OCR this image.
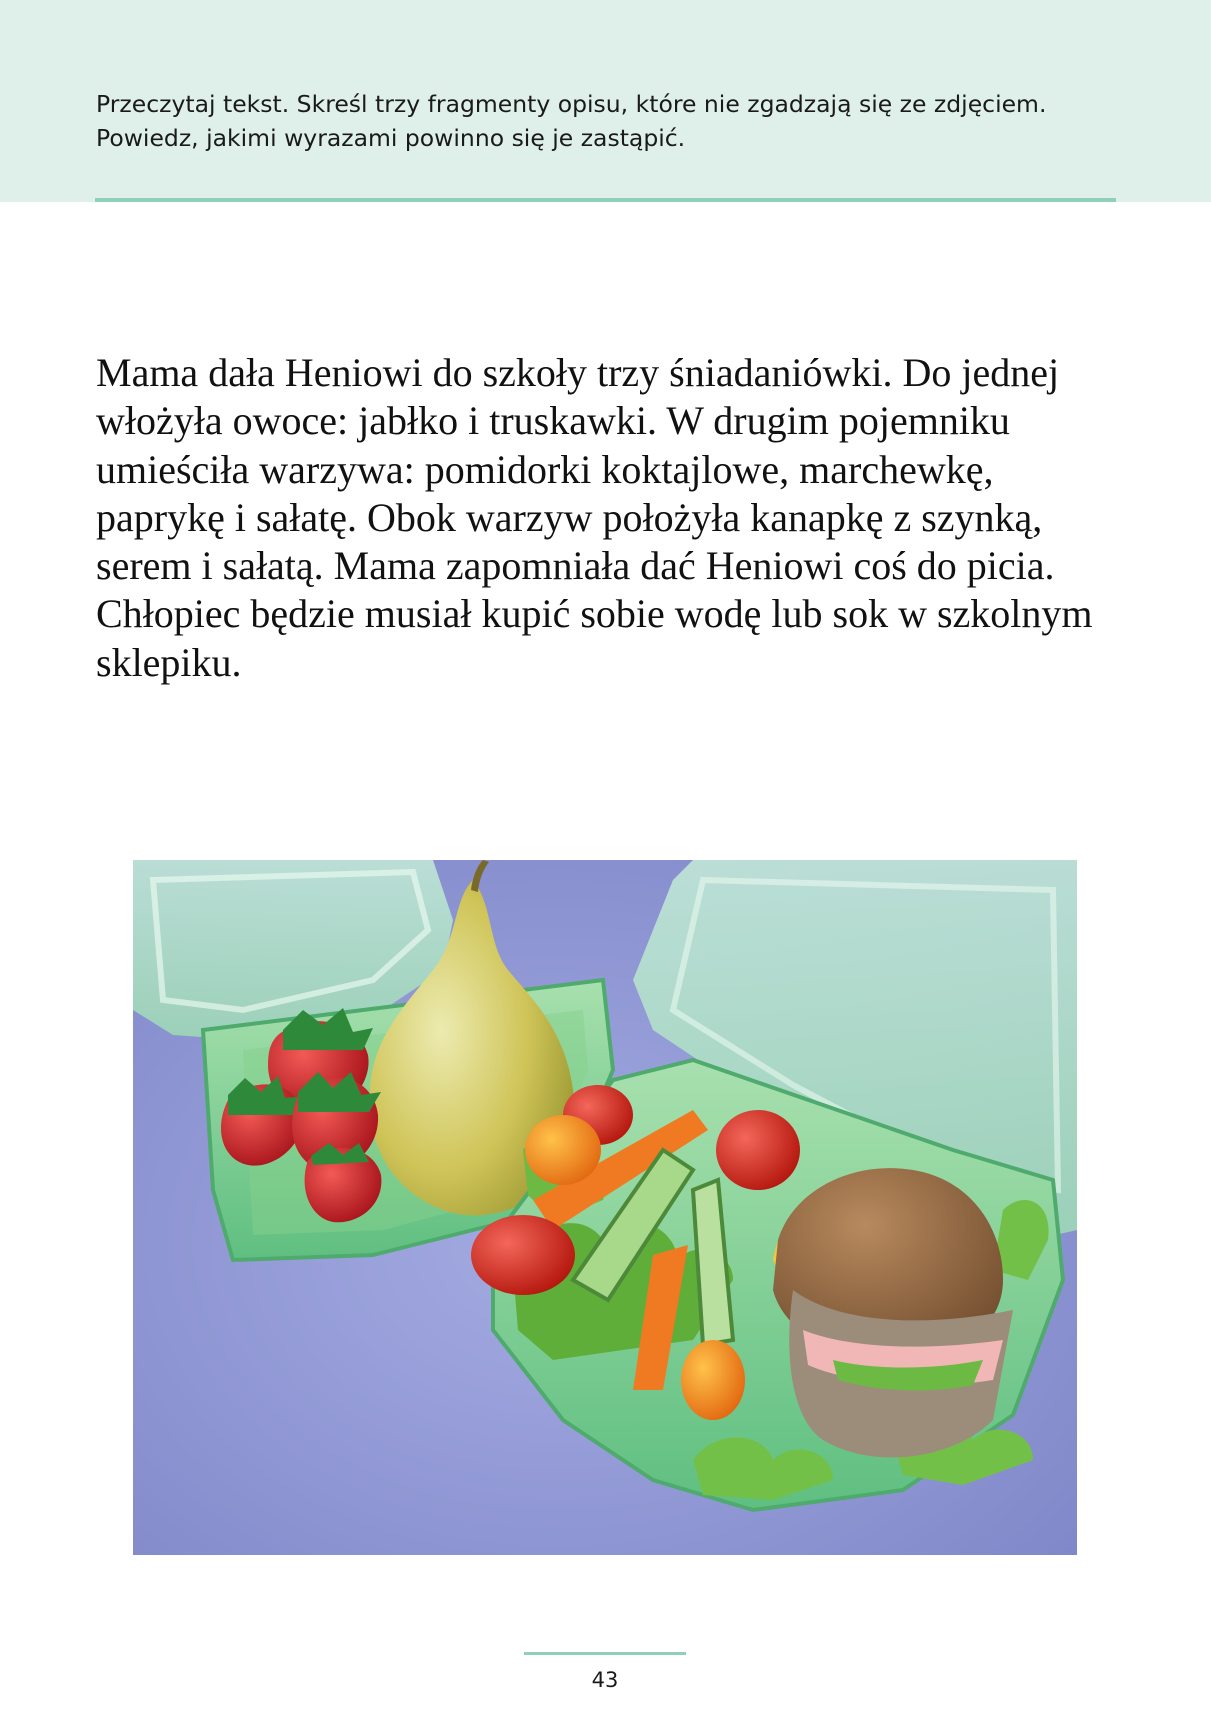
Przeczytaj tekst. Skreśl trzy fragmenty opisu, które nie zgadzają się ze zdjęciem.
Powiedz, jakimi wyrazami powinno się je zastąpić.

Mama dała Heniowi do szkoły trzy śniadaniówki. Do jednej
włożyła owoce: jabłko i truskawki. W drugim pojemniku
umieściła warzywa: pomidorki koktajlowe, marchewkę,
paprykę i sałatę. Obok warzyw położyła kanapkę z szynką,
serem i sałatą. Mama zapomniała dać Heniowi coś do picia.
Chłopiec będzie musiał kupić sobie wodę lub sok w szkolnym
sklepiku.

43
